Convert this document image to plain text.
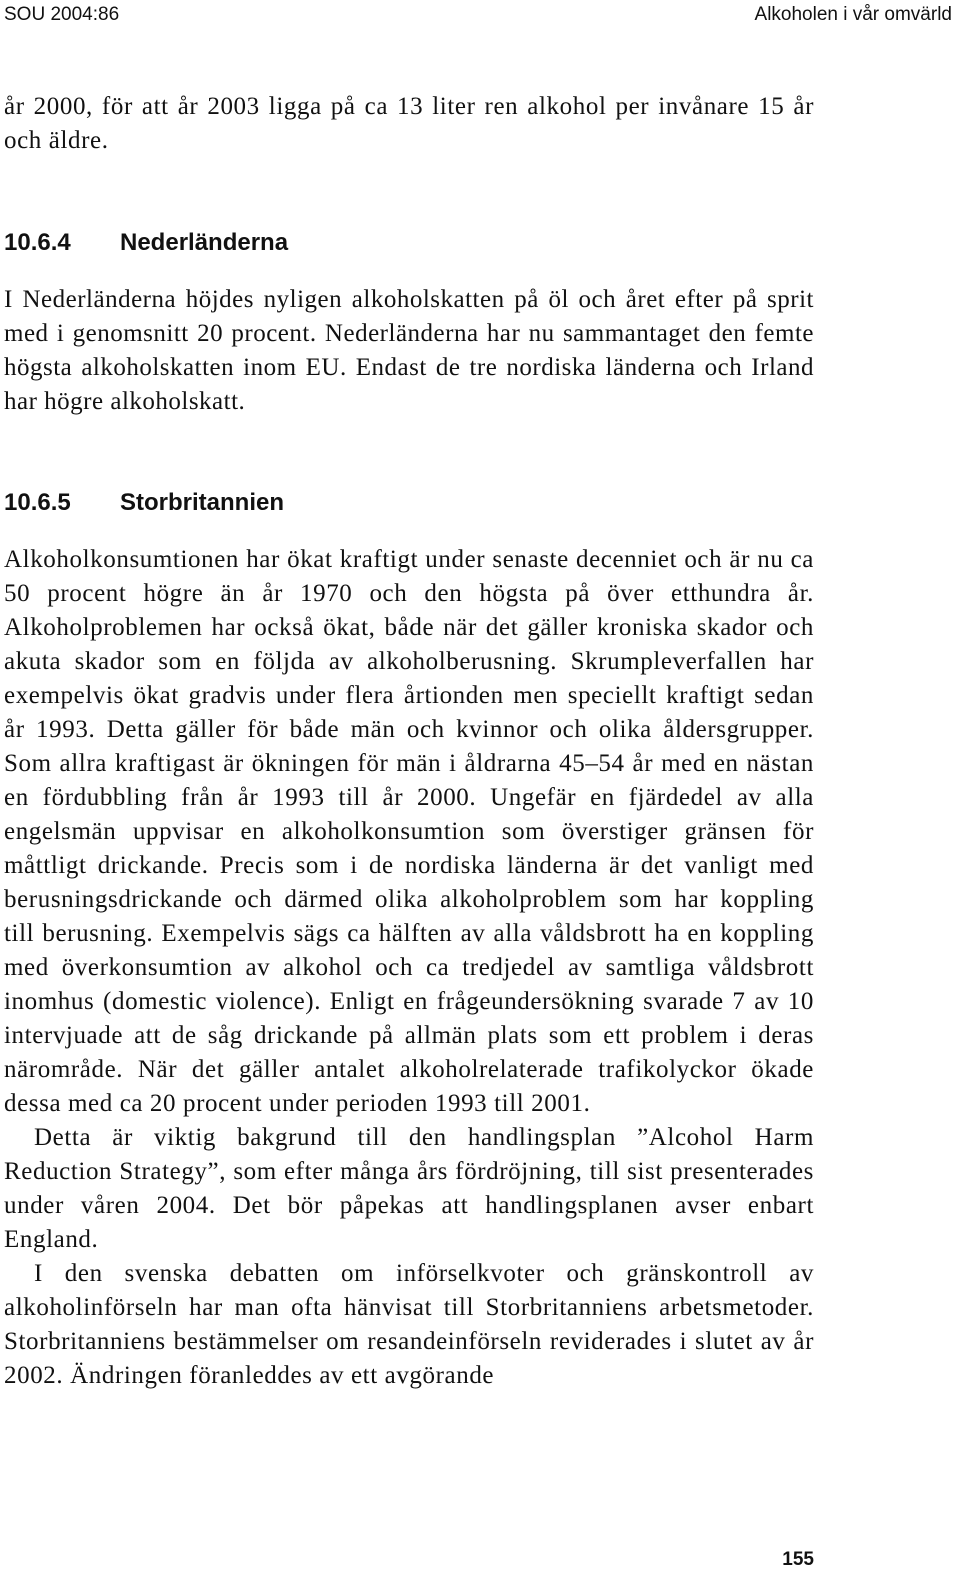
SOU 2004:86	Alkoholen i vår omvärld

år 2000, för att år 2003 ligga på ca 13 liter ren alkohol per invånare 15 år och äldre.

10.6.4 Nederländerna

I Nederländerna höjdes nyligen alkoholskatten på öl och året efter på sprit med i genomsnitt 20 procent. Nederländerna har nu sammantaget den femte högsta alkoholskatten inom EU. Endast de tre nordiska länderna och Irland har högre alkoholskatt.

10.6.5 Storbritannien

Alkoholkonsumtionen har ökat kraftigt under senaste decenniet och är nu ca 50 procent högre än år 1970 och den högsta på över etthundra år. Alkoholproblemen har också ökat, både när det gäller kroniska skador och akuta skador som en följda av alkoholberusning. Skrumpleverfallen har exempelvis ökat gradvis under flera årtionden men speciellt kraftigt sedan år 1993. Detta gäller för både män och kvinnor och olika åldersgrupper. Som allra kraftigast är ökningen för män i åldrarna 45–54 år med en nästan en fördubbling från år 1993 till år 2000. Ungefär en fjärdedel av alla engelsmän uppvisar en alkoholkonsumtion som överstiger gränsen för måttligt drickande. Precis som i de nordiska länderna är det vanligt med berusningsdrickande och därmed olika alkoholproblem som har koppling till berusning. Exempelvis sägs ca hälften av alla våldsbrott ha en koppling med överkonsumtion av alkohol och ca tredjedel av samtliga våldsbrott inomhus (domestic violence). Enligt en frågeundersökning svarade 7 av 10 intervjuade att de såg drickande på allmän plats som ett problem i deras närområde. När det gäller antalet alkoholrelaterade trafikolyckor ökade dessa med ca 20 procent under perioden 1993 till 2001.

Detta är viktig bakgrund till den handlingsplan ”Alcohol Harm Reduction Strategy”, som efter många års fördröjning, till sist presenterades under våren 2004. Det bör påpekas att handlingsplanen avser enbart England.

I den svenska debatten om införselkvoter och gränskontroll av alkoholinförseln har man ofta hänvisat till Storbritanniens arbetsmetoder. Storbritanniens bestämmelser om resandeinförseln reviderades i slutet av år 2002. Ändringen föranleddes av ett avgörande

155
